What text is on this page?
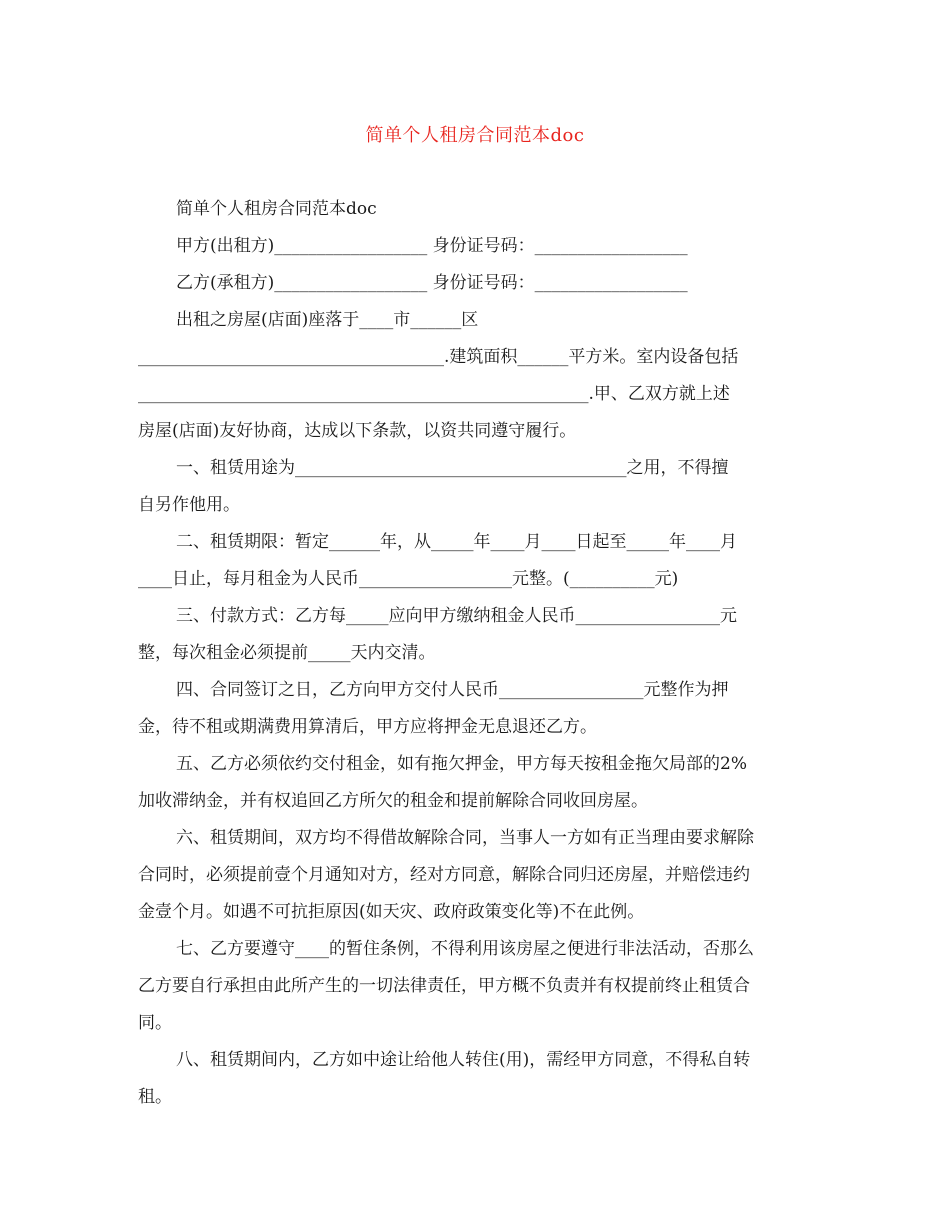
简单个人租房合同范本doc
简单个人租房合同范本doc
甲方(出租方)__________________ 身份证号码：__________________
乙方(承租方)__________________ 身份证号码：__________________
出租之房屋(店面)座落于____市______区
____________________________________.建筑面积______平方米。室内设备包括
_____________________________________________________.甲、乙双方就上述
房屋(店面)友好协商，达成以下条款，以资共同遵守履行。
一、租赁用途为_______________________________________之用，不得擅
自另作他用。
二、租赁期限：暂定______年，从_____年____月____日起至_____年____月
____日止，每月租金为人民币__________________元整。(__________元)
三、付款方式：乙方每_____应向甲方缴纳租金人民币_________________元
整，每次租金必须提前_____天内交清。
四、合同签订之日，乙方向甲方交付人民币_________________元整作为押
金，待不租或期满费用算清后，甲方应将押金无息退还乙方。
五、乙方必须依约交付租金，如有拖欠押金，甲方每天按租金拖欠局部的2%
加收滞纳金，并有权追回乙方所欠的租金和提前解除合同收回房屋。
六、租赁期间，双方均不得借故解除合同，当事人一方如有正当理由要求解除
合同时，必须提前壹个月通知对方，经对方同意，解除合同归还房屋，并赔偿违约
金壹个月。如遇不可抗拒原因(如天灾、政府政策变化等)不在此例。
七、乙方要遵守____的暂住条例，不得利用该房屋之便进行非法活动，否那么
乙方要自行承担由此所产生的一切法律责任，甲方概不负责并有权提前终止租赁合
同。
八、租赁期间内，乙方如中途让给他人转住(用)，需经甲方同意，不得私自转
租。
